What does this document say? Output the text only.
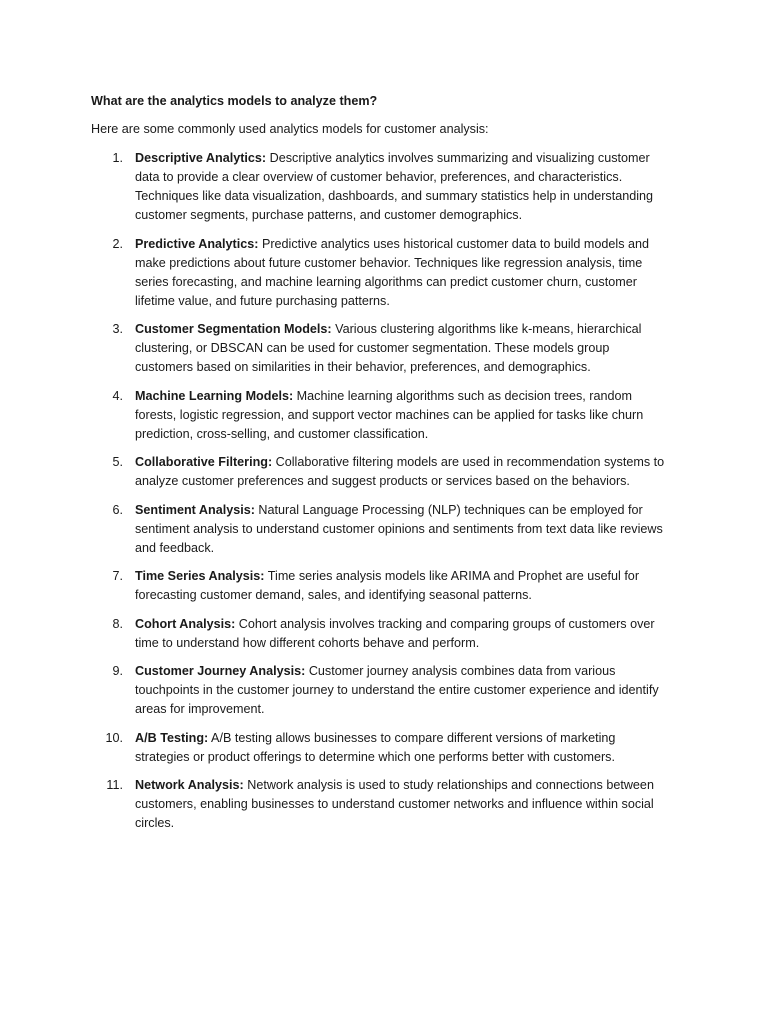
What are the analytics models to analyze them?

Here are some commonly used analytics models for customer analysis:

1. Descriptive Analytics: Descriptive analytics involves summarizing and visualizing customer data to provide a clear overview of customer behavior, preferences, and characteristics. Techniques like data visualization, dashboards, and summary statistics help in understanding customer segments, purchase patterns, and customer demographics.
2. Predictive Analytics: Predictive analytics uses historical customer data to build models and make predictions about future customer behavior. Techniques like regression analysis, time series forecasting, and machine learning algorithms can predict customer churn, customer lifetime value, and future purchasing patterns.
3. Customer Segmentation Models: Various clustering algorithms like k-means, hierarchical clustering, or DBSCAN can be used for customer segmentation. These models group customers based on similarities in their behavior, preferences, and demographics.
4. Machine Learning Models: Machine learning algorithms such as decision trees, random forests, logistic regression, and support vector machines can be applied for tasks like churn prediction, cross-selling, and customer classification.
5. Collaborative Filtering: Collaborative filtering models are used in recommendation systems to analyze customer preferences and suggest products or services based on the behaviors.
6. Sentiment Analysis: Natural Language Processing (NLP) techniques can be employed for sentiment analysis to understand customer opinions and sentiments from text data like reviews and feedback.
7. Time Series Analysis: Time series analysis models like ARIMA and Prophet are useful for forecasting customer demand, sales, and identifying seasonal patterns.
8. Cohort Analysis: Cohort analysis involves tracking and comparing groups of customers over time to understand how different cohorts behave and perform.
9. Customer Journey Analysis: Customer journey analysis combines data from various touchpoints in the customer journey to understand the entire customer experience and identify areas for improvement.
10. A/B Testing: A/B testing allows businesses to compare different versions of marketing strategies or product offerings to determine which one performs better with customers.
11. Network Analysis: Network analysis is used to study relationships and connections between customers, enabling businesses to understand customer networks and influence within social circles.
